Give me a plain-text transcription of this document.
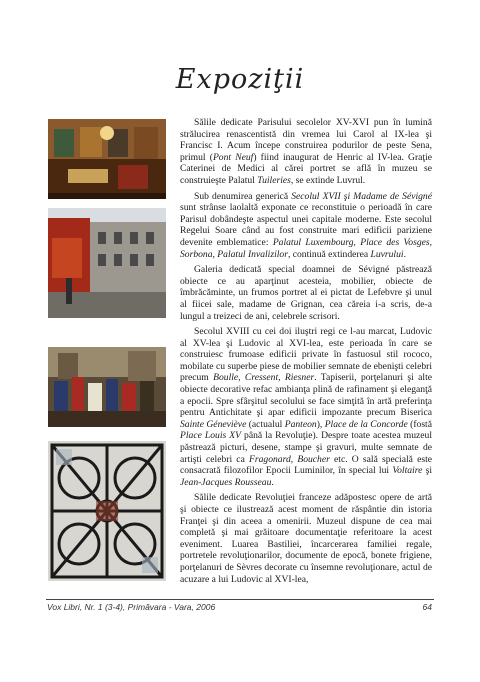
Expoziţii

Sălile dedicate Parisului secolelor XV-XVI pun în lumină strălucirea renascentistă din vremea lui Carol al IX-lea şi Francisc I. Acum începe construirea podurilor de peste Sena, primul (Pont Neuf) fiind inaugurat de Henric al IV-lea. Graţie Caterinei de Medici al cărei portret se află în muzeu se construieşte Palatul Tuileries, se extinde Luvrul.

Sub denumirea generică Secolul XVII şi Madame de Sévigné sunt strânse laolaltă exponate ce reconstituie o perioadă în care Parisul dobândeşte aspectul unei capitale moderne. Este secolul Regelui Soare când au fost construite mari edificii pariziene devenite emblematice: Palatul Luxembourg, Place des Vosges, Sorbona, Palatul Invalizilor, continuă extinderea Luvrului.

Galeria dedicată special doamnei de Sévigné păstrează obiecte ce au aparţinut acesteia, mobilier, obiecte de îmbrăcăminte, un frumos portret al ei pictat de Lefebvre şi unul al fiicei sale, madame de Grignan, cea căreia i-a scris, de-a lungul a treizeci de ani, celebrele scrisori.

Secolul XVIII cu cei doi iluştri regi ce l-au marcat, Ludovic al XV-lea şi Ludovic al XVI-lea, este perioada în care se construiesc frumoase edificii private în fastuosul stil rococo, mobilate cu superbe piese de mobilier semnate de ebenişti celebri precum Boulle, Cressent, Riesner. Tapiserii, porţelanuri şi alte obiecte decorative refac ambianţa plină de rafinament şi eleganţă a epocii. Spre sfârşitul secolului se face simţită în artă preferinţa pentru Antichitate şi apar edificii impozante precum Biserica Sainte Géneviève (actualul Panteon), Place de la Concorde (fostă Place Louis XV până la Revoluţie). Despre toate acestea muzeul păstrează picturi, desene, stampe şi gravuri, multe semnate de artişti celebri ca Fragonard, Boucher etc. O sală specială este consacrată filozofilor Epocii Luminilor, în special lui Voltaire şi Jean-Jacques Rousseau.

Sălile dedicate Revoluţiei franceze adăpostesc opere de artă şi obiecte ce ilustrează acest moment de răspântie din istoria Franţei şi din aceea a omenirii. Muzeul dispune de cea mai completă şi mai grăitoare documentaţie referitoare la acest eveniment. Luarea Bastiliei, încarcerarea familiei regale, portretele revoluţionarilor, documente de epocă, bonete frigiene, porţelanuri de Sèvres decorate cu însemne revoluţionare, actul de acuzare a lui Ludovic al XVI-lea,

Vox Libri, Nr. 1 (3-4), Primăvara - Vara, 2006	64
